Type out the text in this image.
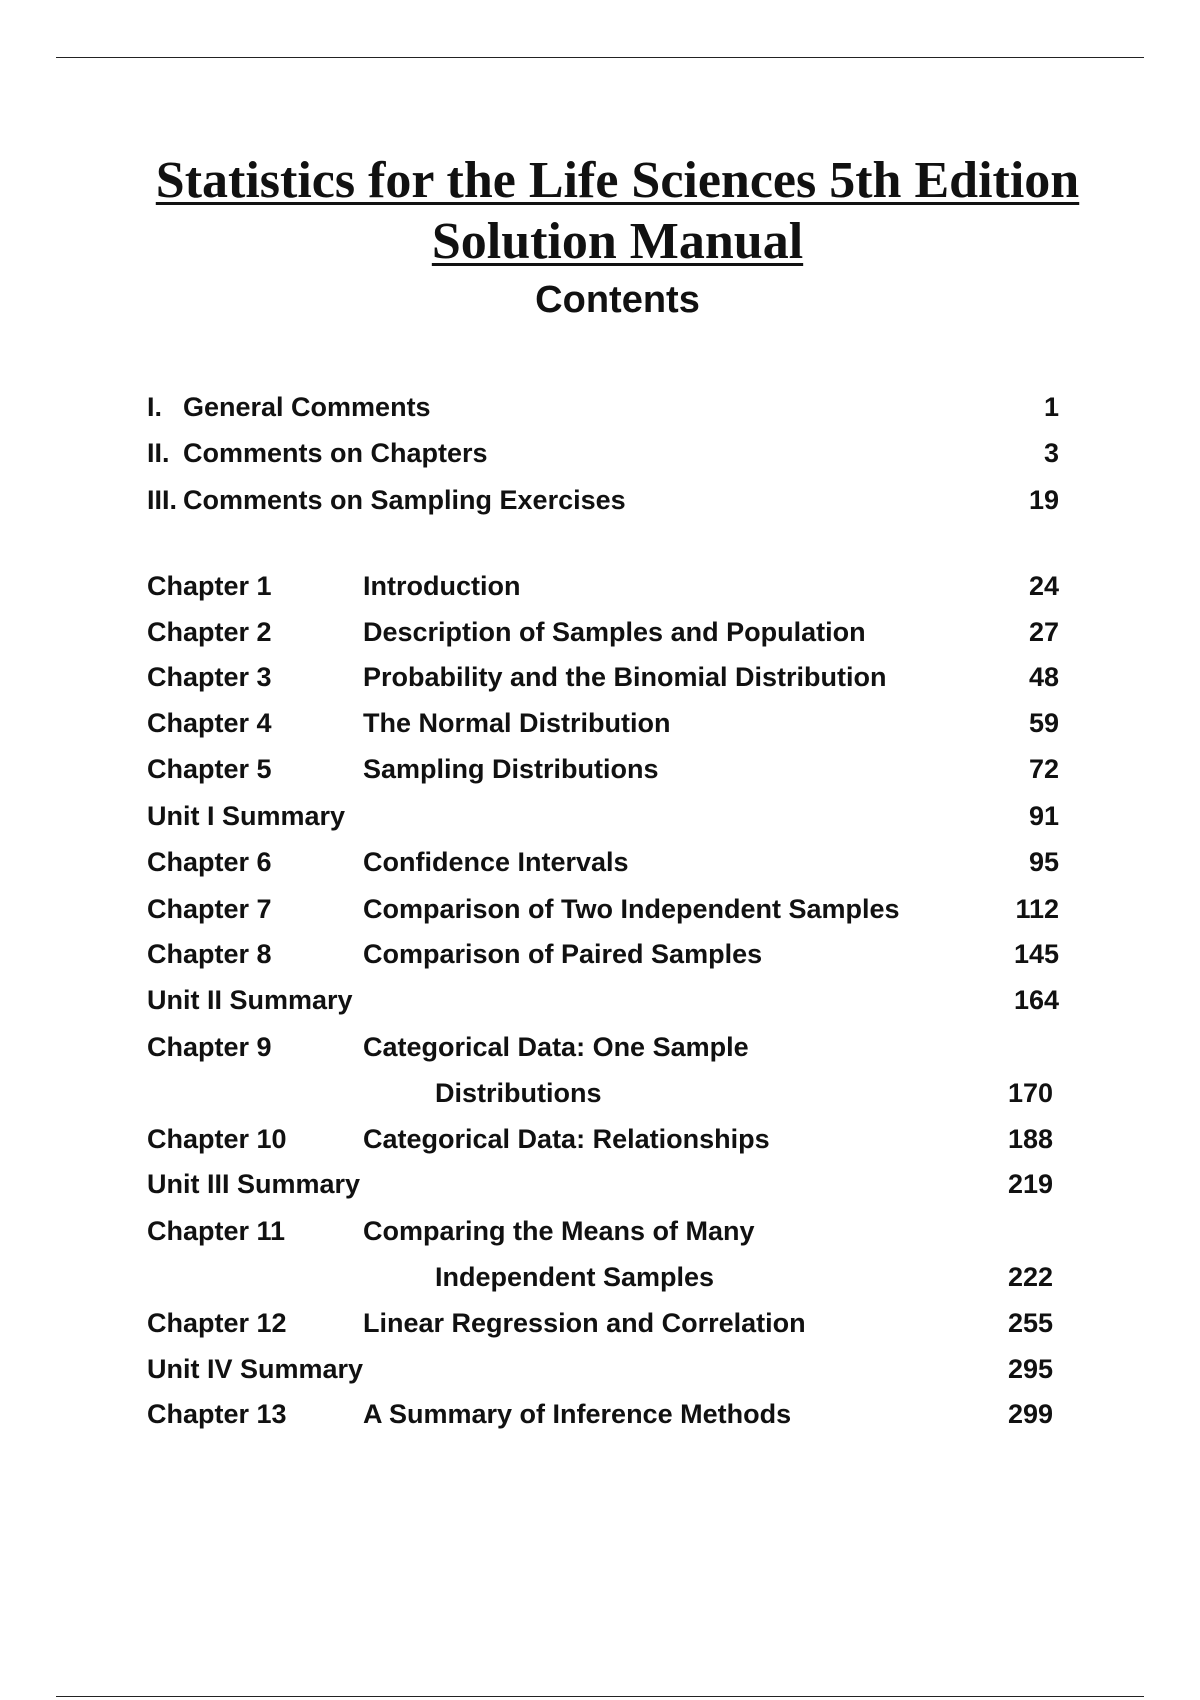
Statistics for the Life Sciences 5th Edition
Solution Manual
Contents
I. General Comments	1
II. Comments on Chapters	3
III. Comments on Sampling Exercises	19
Chapter 1	Introduction	24
Chapter 2	Description of Samples and Population	27
Chapter 3	Probability and the Binomial Distribution	48
Chapter 4	The Normal Distribution	59
Chapter 5	Sampling Distributions	72
Unit I Summary	91
Chapter 6	Confidence Intervals	95
Chapter 7	Comparison of Two Independent Samples	112
Chapter 8	Comparison of Paired Samples	145
Unit II Summary	164
Chapter 9	Categorical Data: One Sample
Distributions	170
Chapter 10	Categorical Data: Relationships	188
Unit III Summary	219
Chapter 11	Comparing the Means of Many
Independent Samples	222
Chapter 12	Linear Regression and Correlation	255
Unit IV Summary	295
Chapter 13	A Summary of Inference Methods	299
